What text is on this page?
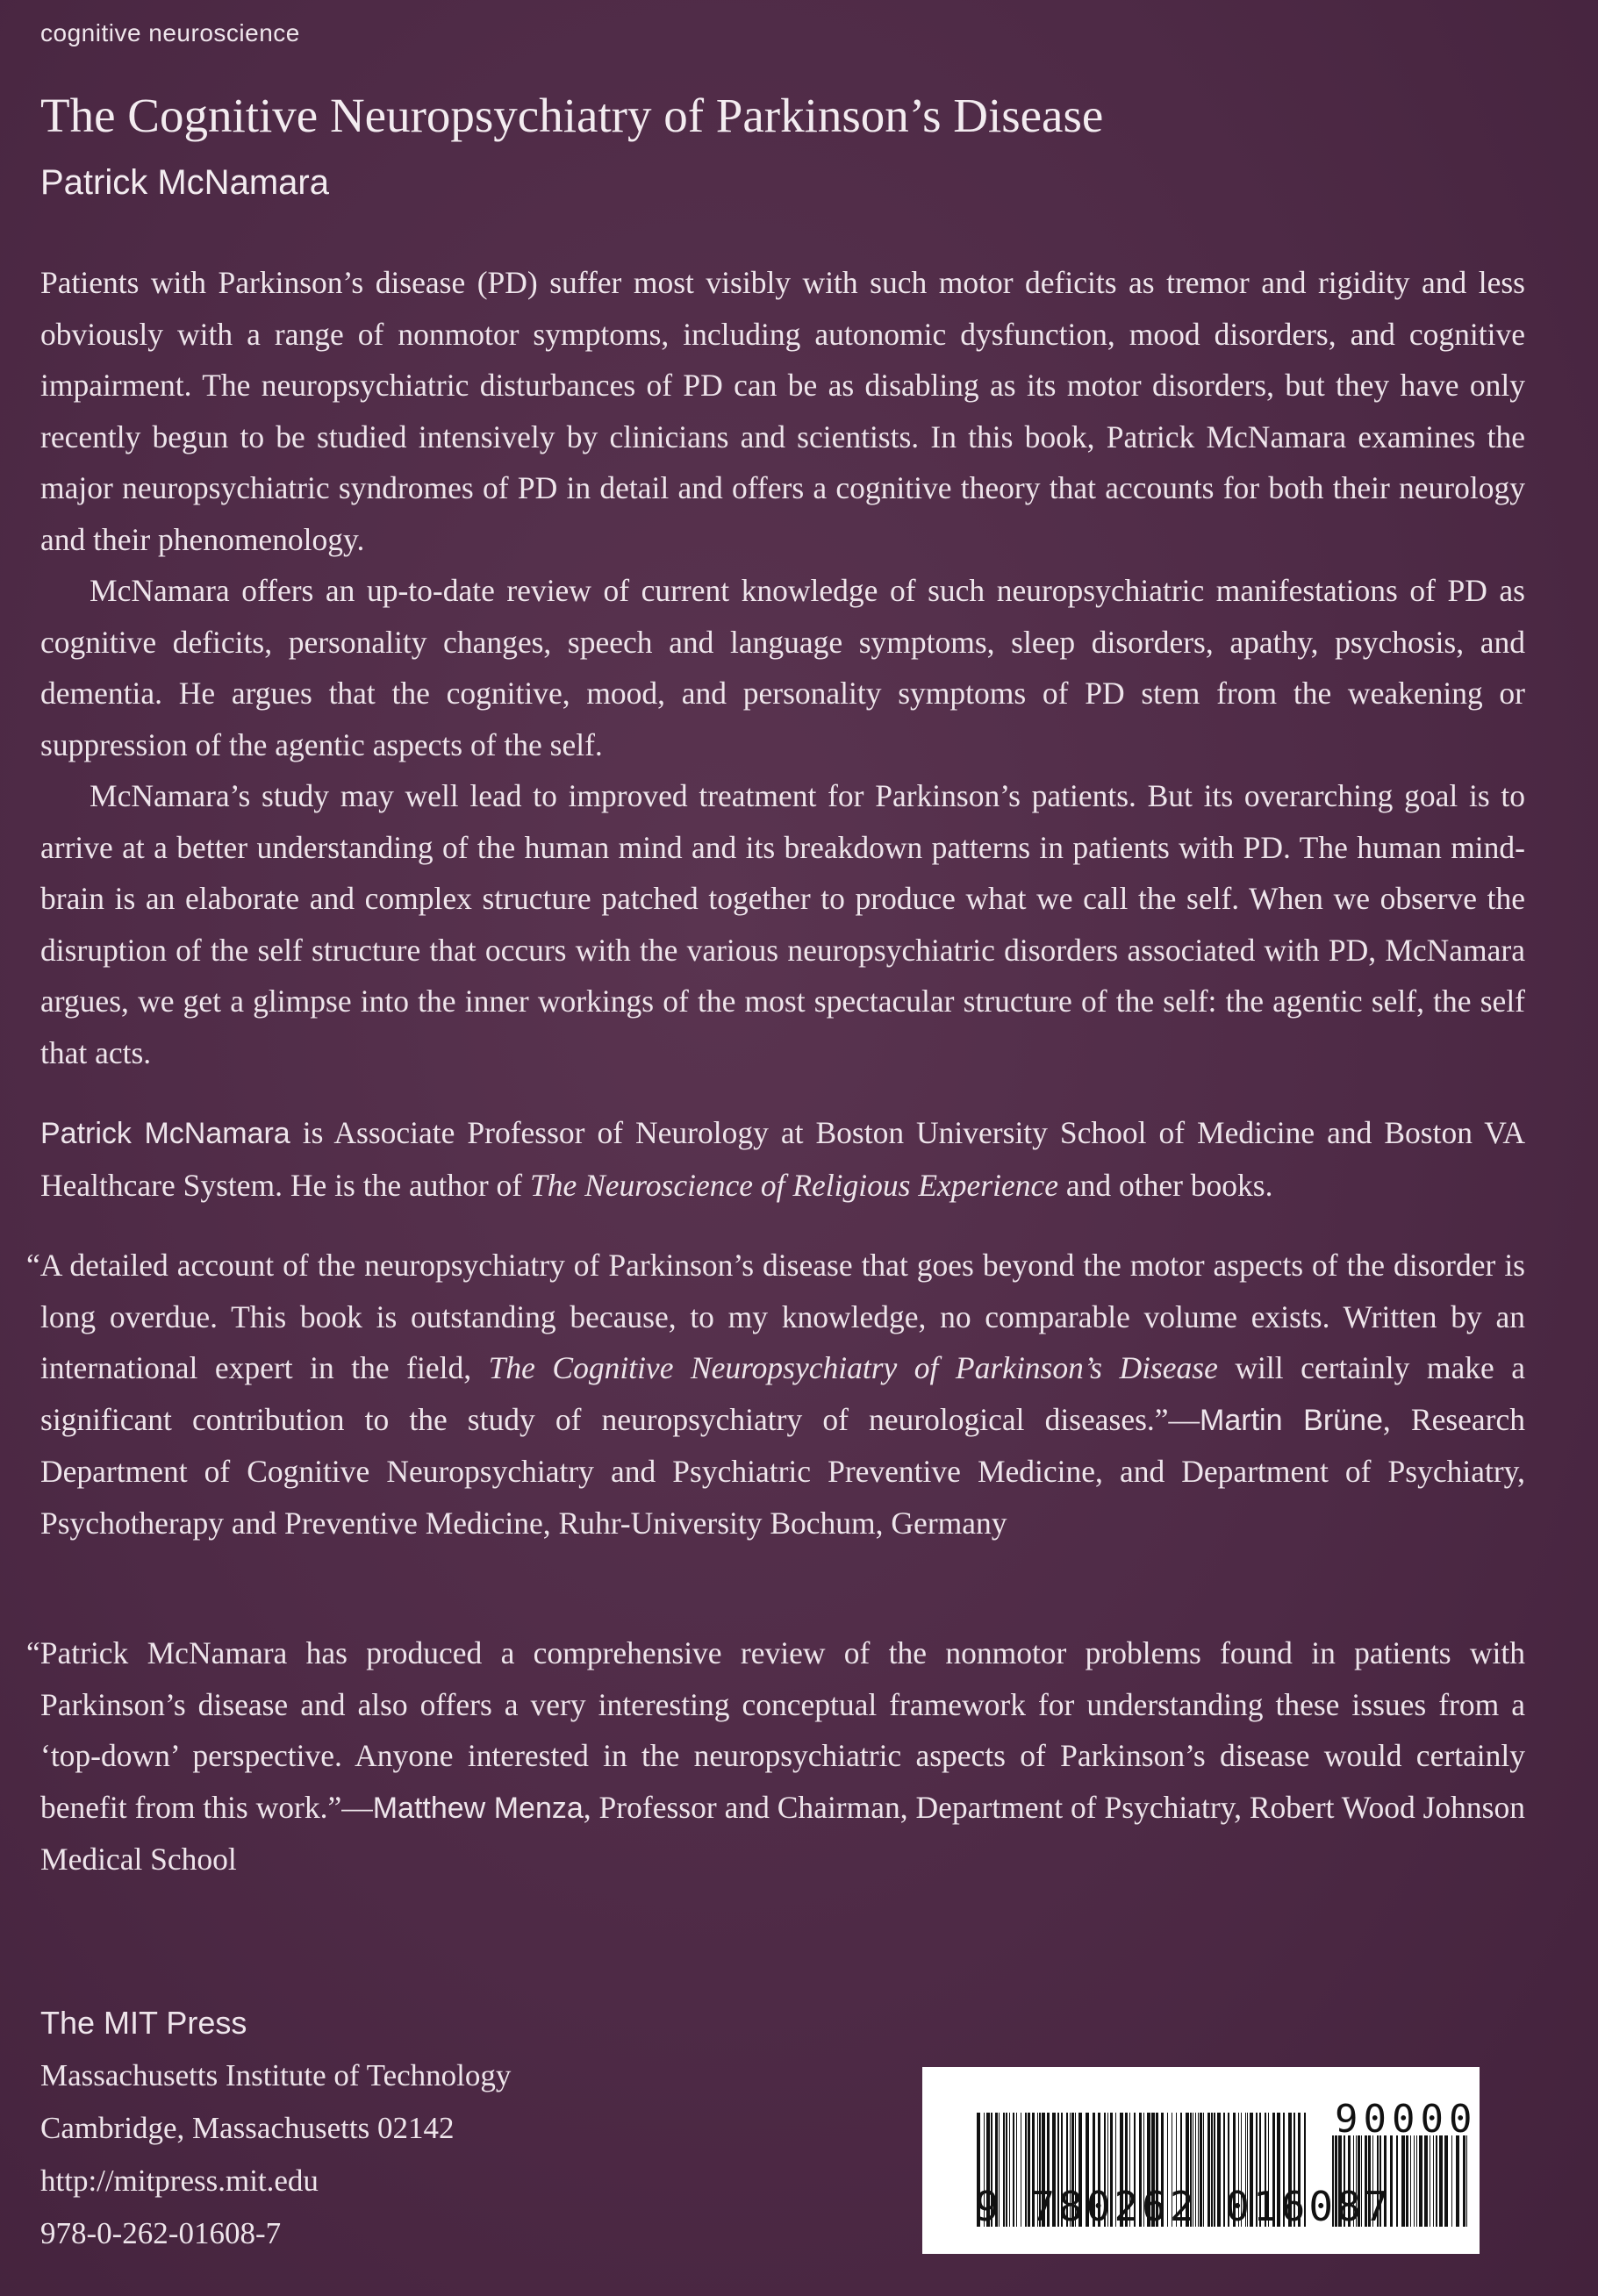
cognitive neuroscience
The Cognitive Neuropsychiatry of Parkinson’s Disease
Patrick McNamara

Patients with Parkinson’s disease (PD) suffer most visibly with such motor deficits as tremor and rigidity and less obviously with a range of nonmotor symptoms, including autonomic dysfunction, mood disorders, and cognitive impairment. The neuropsychiatric disturbances of PD can be as disabling as its motor disorders, but they have only recently begun to be studied intensively by clinicians and scientists. In this book, Patrick McNamara examines the major neuropsychiatric syndromes of PD in detail and offers a cognitive theory that accounts for both their neurology and their phenomenology.

McNamara offers an up-to-date review of current knowledge of such neuropsychiatric manifestations of PD as cognitive deficits, personality changes, speech and language symptoms, sleep disorders, apathy, psychosis, and dementia. He argues that the cognitive, mood, and personality symptoms of PD stem from the weakening or suppression of the agentic aspects of the self.

McNamara’s study may well lead to improved treatment for Parkinson’s patients. But its overarching goal is to arrive at a better understanding of the human mind and its breakdown patterns in patients with PD. The human mind-brain is an elaborate and complex structure patched together to produce what we call the self. When we observe the disruption of the self structure that occurs with the various neuropsychiatric disorders associated with PD, McNamara argues, we get a glimpse into the inner workings of the most spectacular structure of the self: the agentic self, the self that acts.

Patrick McNamara is Associate Professor of Neurology at Boston University School of Medicine and Boston VA Healthcare System. He is the author of The Neuroscience of Religious Experience and other books.
“A detailed account of the neuropsychiatry of Parkinson’s disease that goes beyond the motor aspects of the disorder is long overdue. This book is outstanding because, to my knowledge, no comparable volume exists. Written by an international expert in the field, The Cognitive Neuropsychiatry of Parkinson’s Disease will certainly make a significant contribution to the study of neuropsychiatry of neurological diseases.”—Martin Brüne, Research Department of Cognitive Neuropsychiatry and Psychiatric Preventive Medicine, and Department of Psychiatry, Psychotherapy and Preventive Medicine, Ruhr-University Bochum, Germany
“Patrick McNamara has produced a comprehensive review of the nonmotor problems found in patients with Parkinson’s disease and also offers a very interesting conceptual framework for understanding these issues from a ‘top-down’ perspective. Anyone interested in the neuropsychiatric aspects of Parkinson’s disease would certainly benefit from this work.”—Matthew Menza, Professor and Chairman, Department of Psychiatry, Robert Wood Johnson Medical School
The MIT Press
Massachusetts Institute of Technology
Cambridge, Massachusetts 02142
http://mitpress.mit.edu
978-0-262-01608-7
9 780262 016087
90000
